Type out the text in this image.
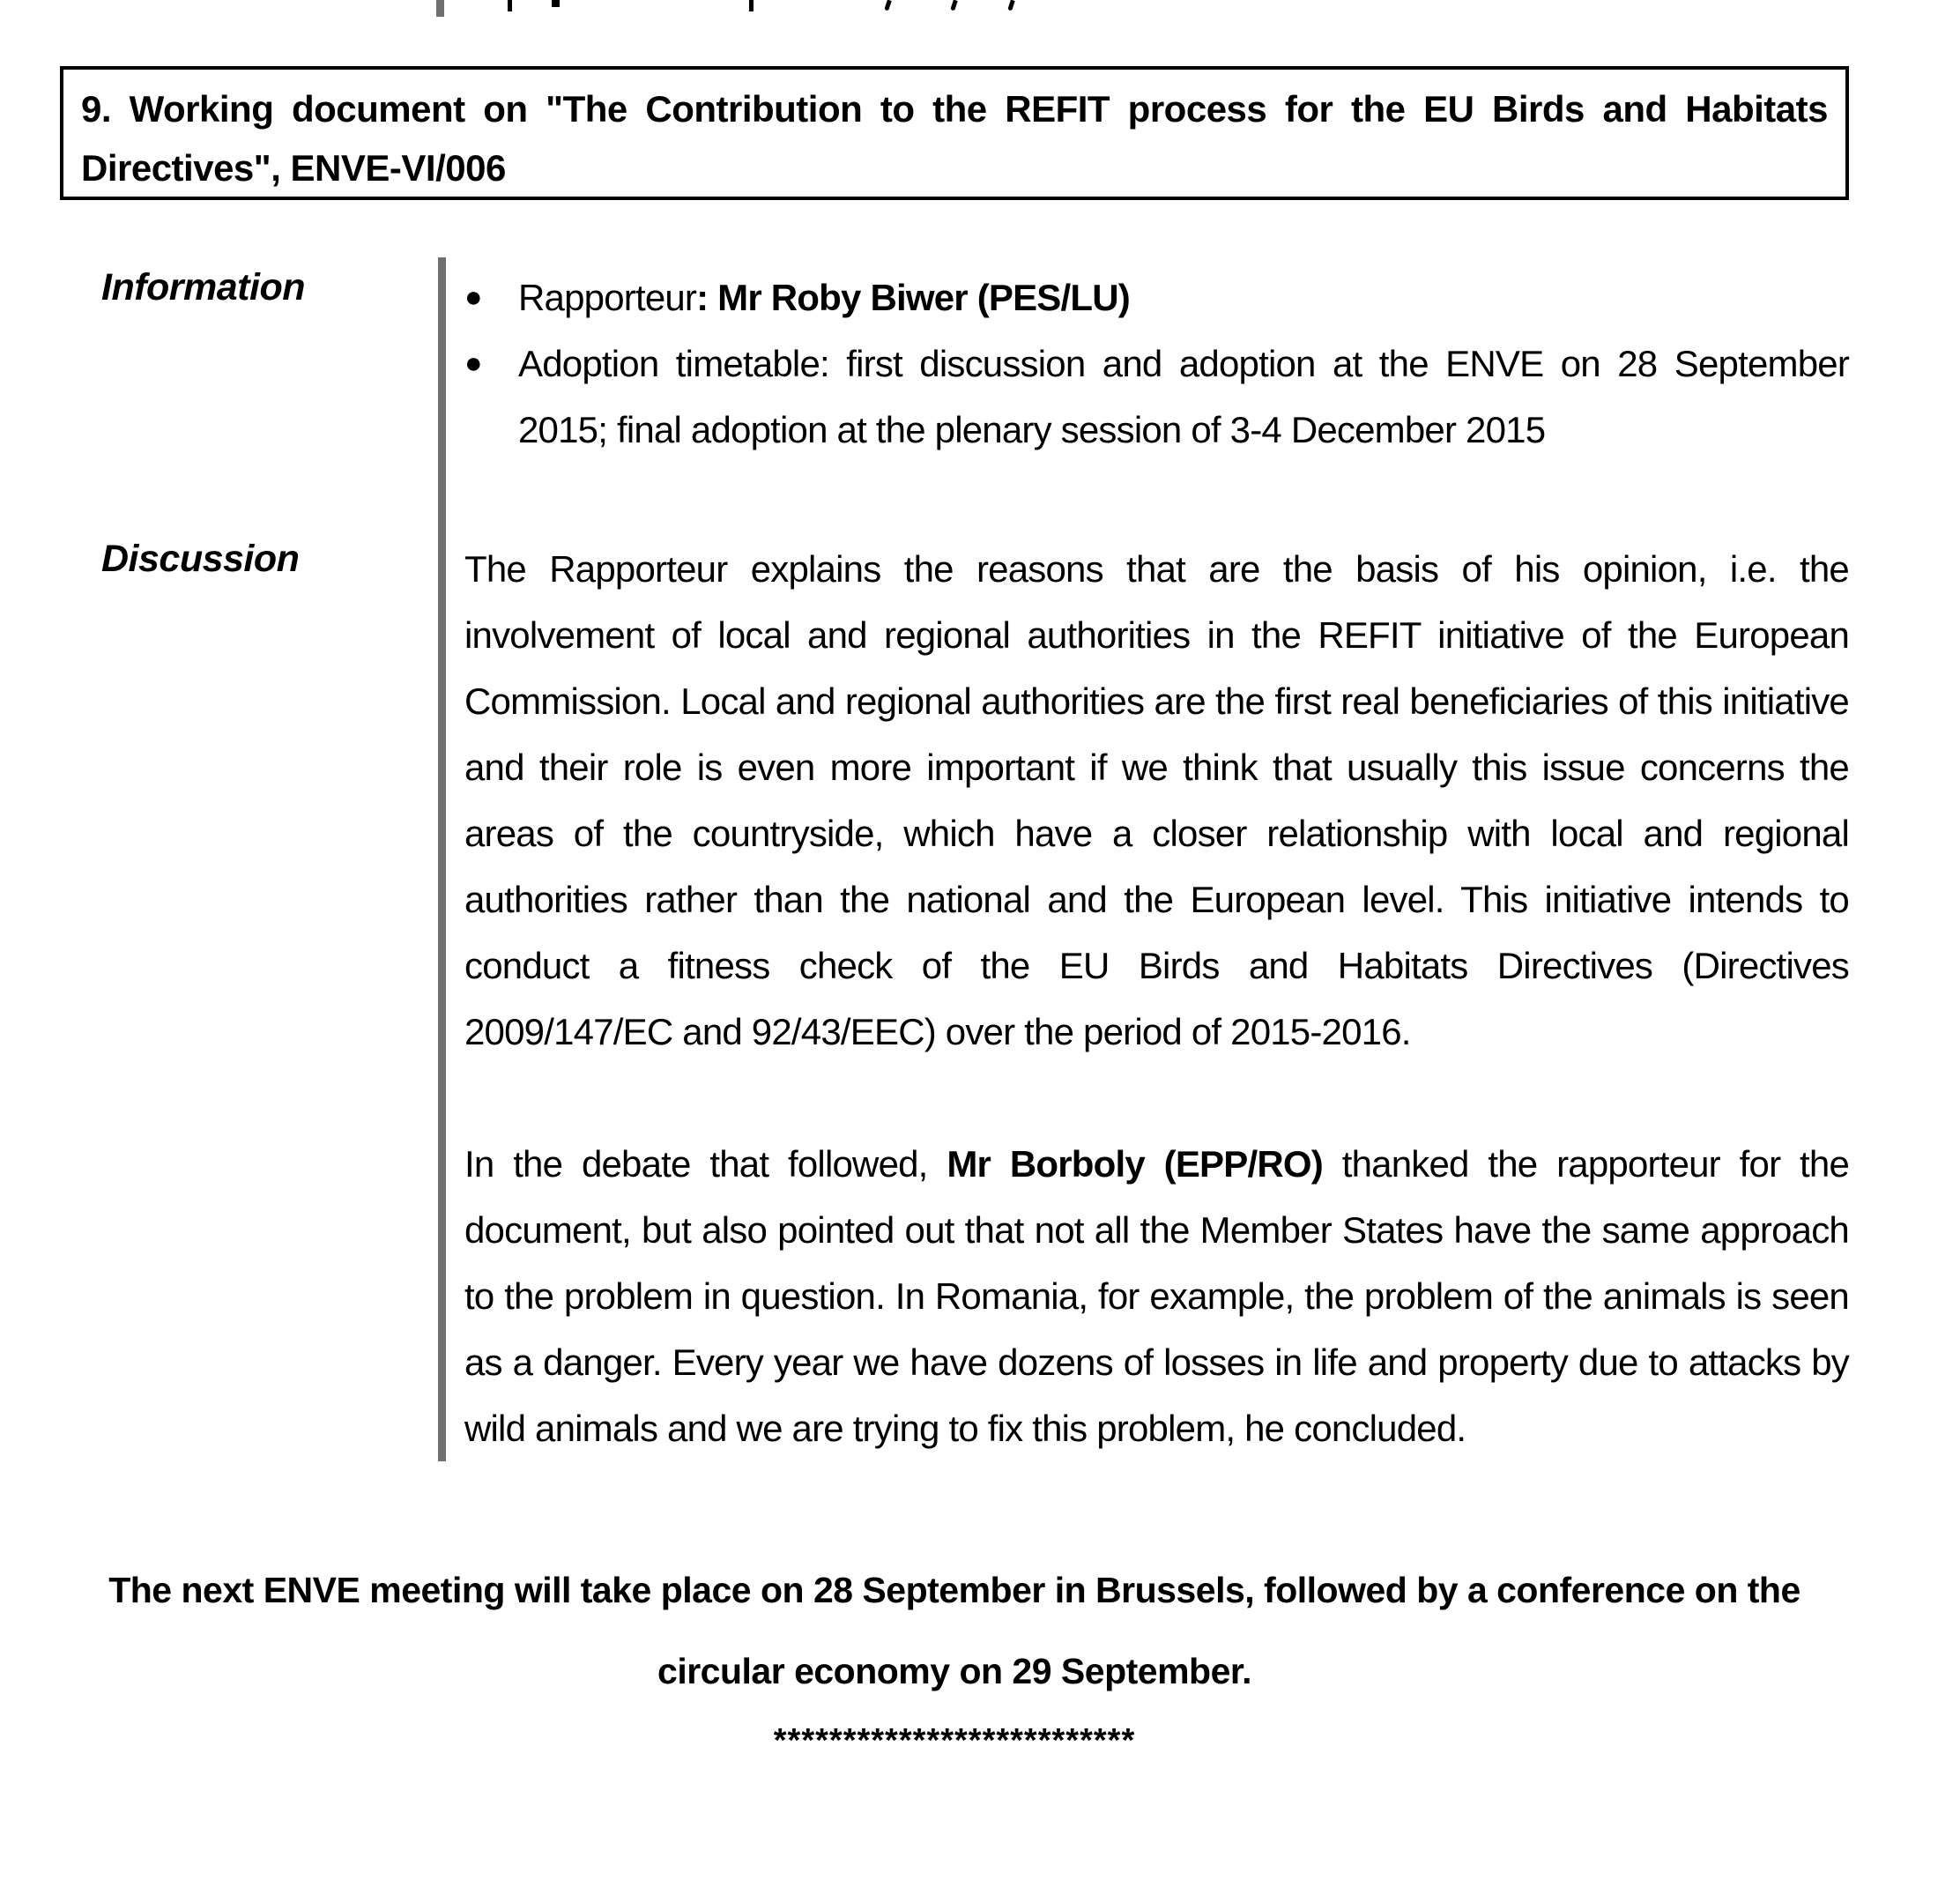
9. Working document on "The Contribution to the REFIT process for the EU Birds and Habitats Directives", ENVE-VI/006
Information	● Rapporteur: Mr Roby Biwer (PES/LU)
● Adoption timetable: first discussion and adoption at the ENVE on 28 September 2015; final adoption at the plenary session of 3-4 December 2015
Discussion	The Rapporteur explains the reasons that are the basis of his opinion, i.e. the involvement of local and regional authorities in the REFIT initiative of the European Commission. Local and regional authorities are the first real beneficiaries of this initiative and their role is even more important if we think that usually this issue concerns the areas of the countryside, which have a closer relationship with local and regional authorities rather than the national and the European level. This initiative intends to conduct a fitness check of the EU Birds and Habitats Directives (Directives 2009/147/EC and 92/43/EEC) over the period of 2015-2016.

In the debate that followed, Mr Borboly (EPP/RO) thanked the rapporteur for the document, but also pointed out that not all the Member States have the same approach to the problem in question. In Romania, for example, the problem of the animals is seen as a danger. Every year we have dozens of losses in life and property due to attacks by wild animals and we are trying to fix this problem, he concluded.

The next ENVE meeting will take place on 28 September in Brussels, followed by a conference on the circular economy on 29 September.
**************************
